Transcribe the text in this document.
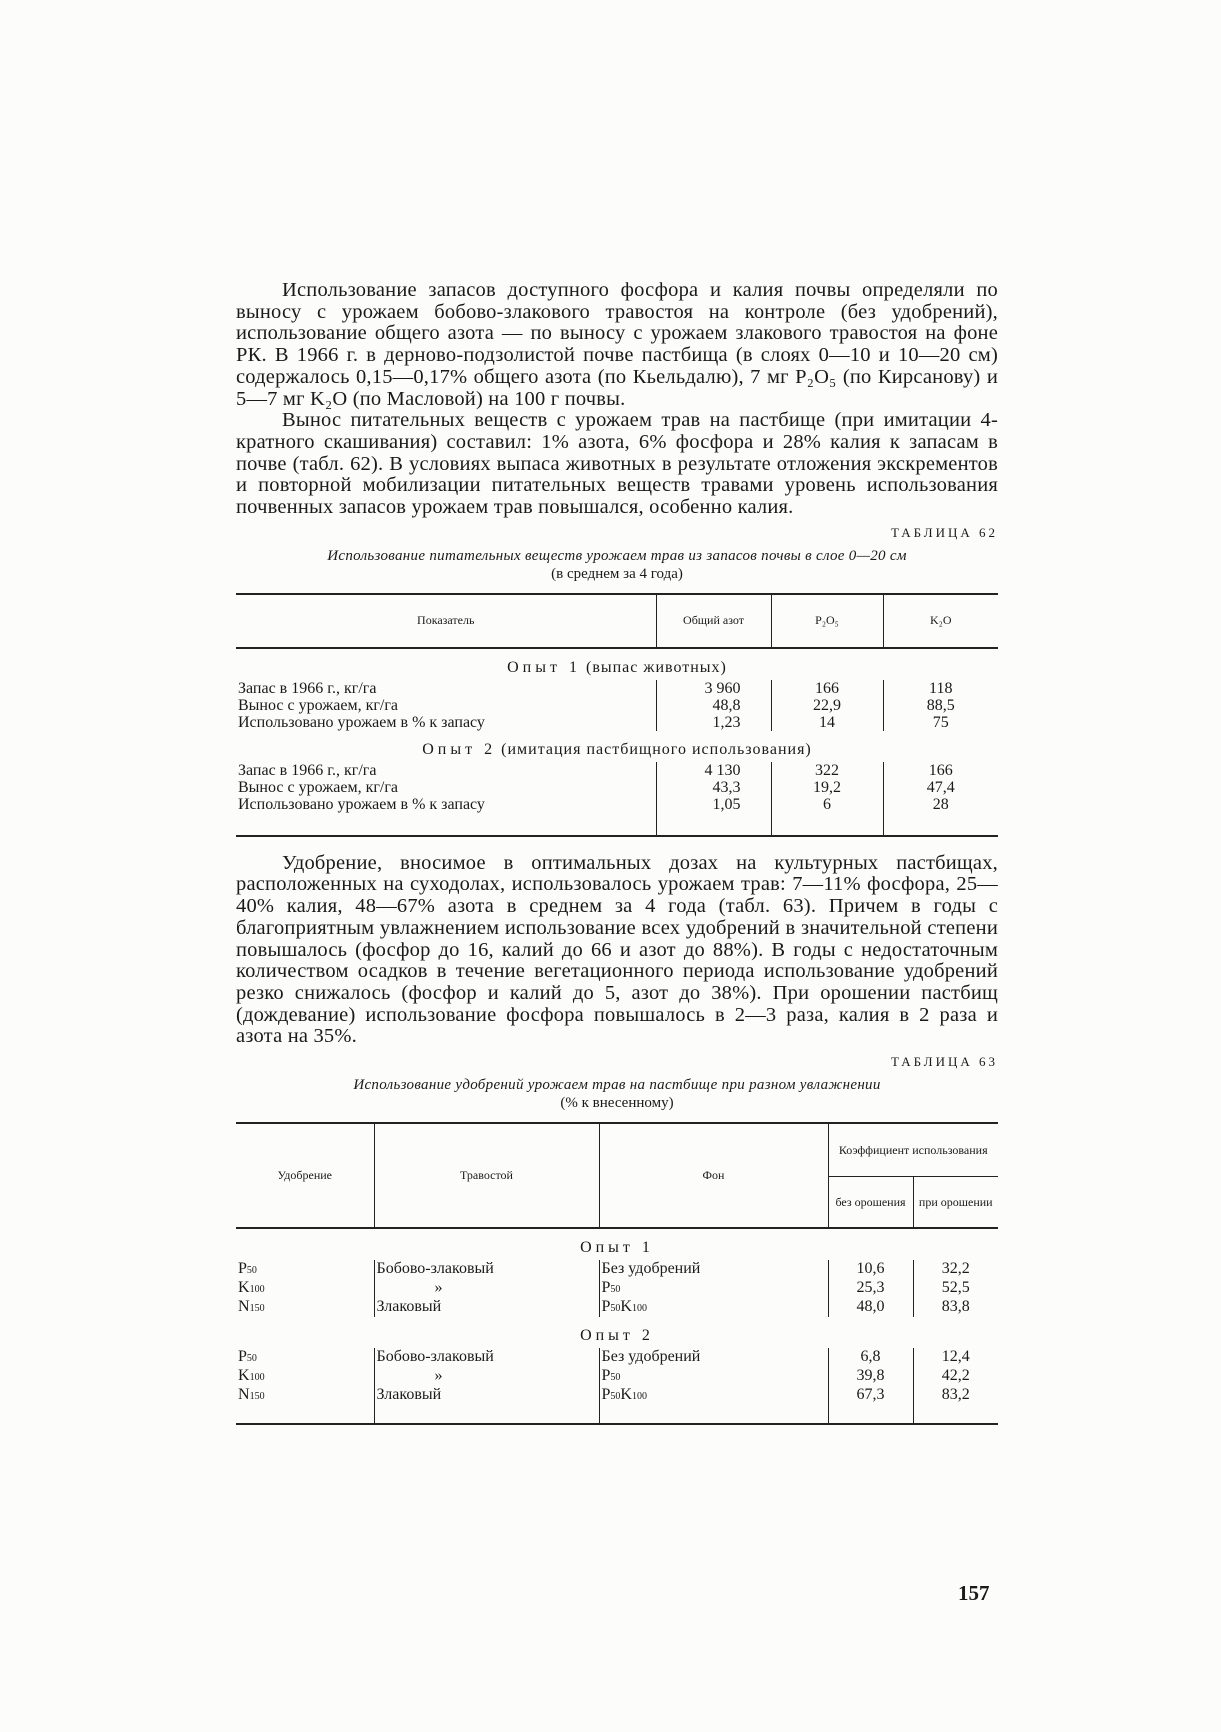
Использование запасов доступного фосфора и калия почвы определяли по выносу с урожаем бобово-злакового травостоя на контроле (без удобрений), использование общего азота — по выносу с урожаем злакового травостоя на фоне РК. В 1966 г. в дерново-подзолистой почве пастбища (в слоях 0—10 и 10—20 см) содержалось 0,15—0,17% общего азота (по Кьельдалю), 7 мг P₂O₅ (по Кирсанову) и 5—7 мг K₂O (по Масловой) на 100 г почвы.

Вынос питательных веществ с урожаем трав на пастбище (при имитации 4-кратного скашивания) составил: 1% азота, 6% фосфора и 28% калия к запасам в почве (табл. 62). В условиях выпаса животных в результате отложения экскрементов и повторной мобилизации питательных веществ травами уровень использования почвенных запасов урожаем трав повышался, особенно калия.

ТАБЛИЦА 62
Использование питательных веществ урожаем трав из запасов почвы в слое 0—20 см
(в среднем за 4 года)
Показатель	Общий азот	P₂O₅	K₂O
Опыт 1 (выпас животных)			
Запас в 1966 г., кг/га	3 960	166	118
Вынос с урожаем, кг/га	48,8	22,9	88,5
Использовано урожаем в % к запасу	1,23	14	75
Опыт 2 (имитация пастбищного использования)			
Запас в 1966 г., кг/га	4 130	322	166
Вынос с урожаем, кг/га	43,3	19,2	47,4
Использовано урожаем в % к запасу	1,05	6	28

Удобрение, вносимое в оптимальных дозах на культурных пастбищах, расположенных на суходолах, использовалось урожаем трав: 7—11% фосфора, 25—40% калия, 48—67% азота в среднем за 4 года (табл. 63). Причем в годы с благоприятным увлажнением использование всех удобрений в значительной степени повышалось (фосфор до 16, калий до 66 и азот до 88%). В годы с недостаточным количеством осадков в течение вегетационного периода использование удобрений резко снижалось (фосфор и калий до 5, азот до 38%). При орошении пастбищ (дождевание) использование фосфора повышалось в 2—3 раза, калия в 2 раза и азота на 35%.

ТАБЛИЦА 63
Использование удобрений урожаем трав на пастбище при разном увлажнении
(% к внесенному)
Удобрение	Травостой	Фон	Коэффициент использования	
			без орошения	при орошении
Опыт 1				
P50	Бобово-злаковый	Без удобрений	10,6	32,2
K100	»	P50	25,3	52,5
N150	Злаковый	P50K100	48,0	83,8
Опыт 2				
P50	Бобово-злаковый	Без удобрений	6,8	12,4
K100	»	P50	39,8	42,2
N150	Злаковый	P50K100	67,3	83,2

157
